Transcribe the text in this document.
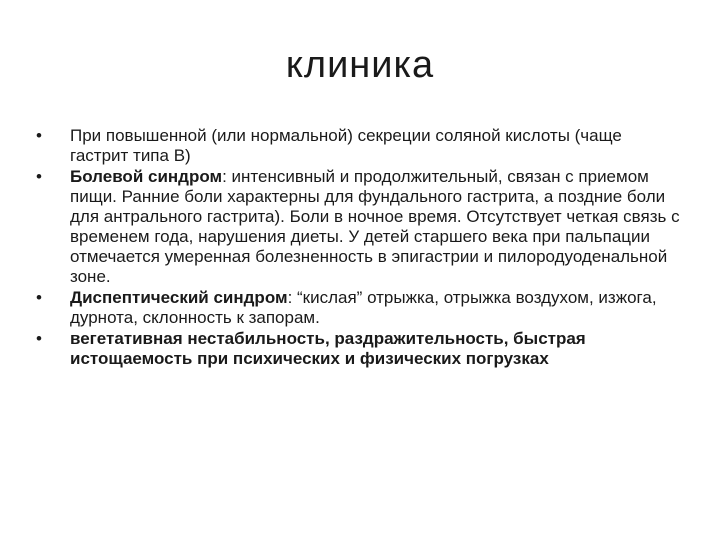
клиника
•	При повышенной (или нормальной) секреции соляной кислоты (чаще гастрит типа В)
•	Болевой синдром: интенсивный и продолжительный, связан с приемом пищи. Ранние боли характерны для фундального гастрита, а поздние боли для антрального гастрита). Боли в ночное время. Отсутствует четкая связь с временем года, нарушения диеты. У детей старшего века при пальпации отмечается умеренная болезненность в эпигастрии и пилородуоденальной зоне.
•	Диспептический синдром: “кислая” отрыжка, отрыжка воздухом, изжога, дурнота, склонность к запорам.
•	вегетативная нестабильность, раздражительность, быстрая истощаемость при психических и физических погрузках
